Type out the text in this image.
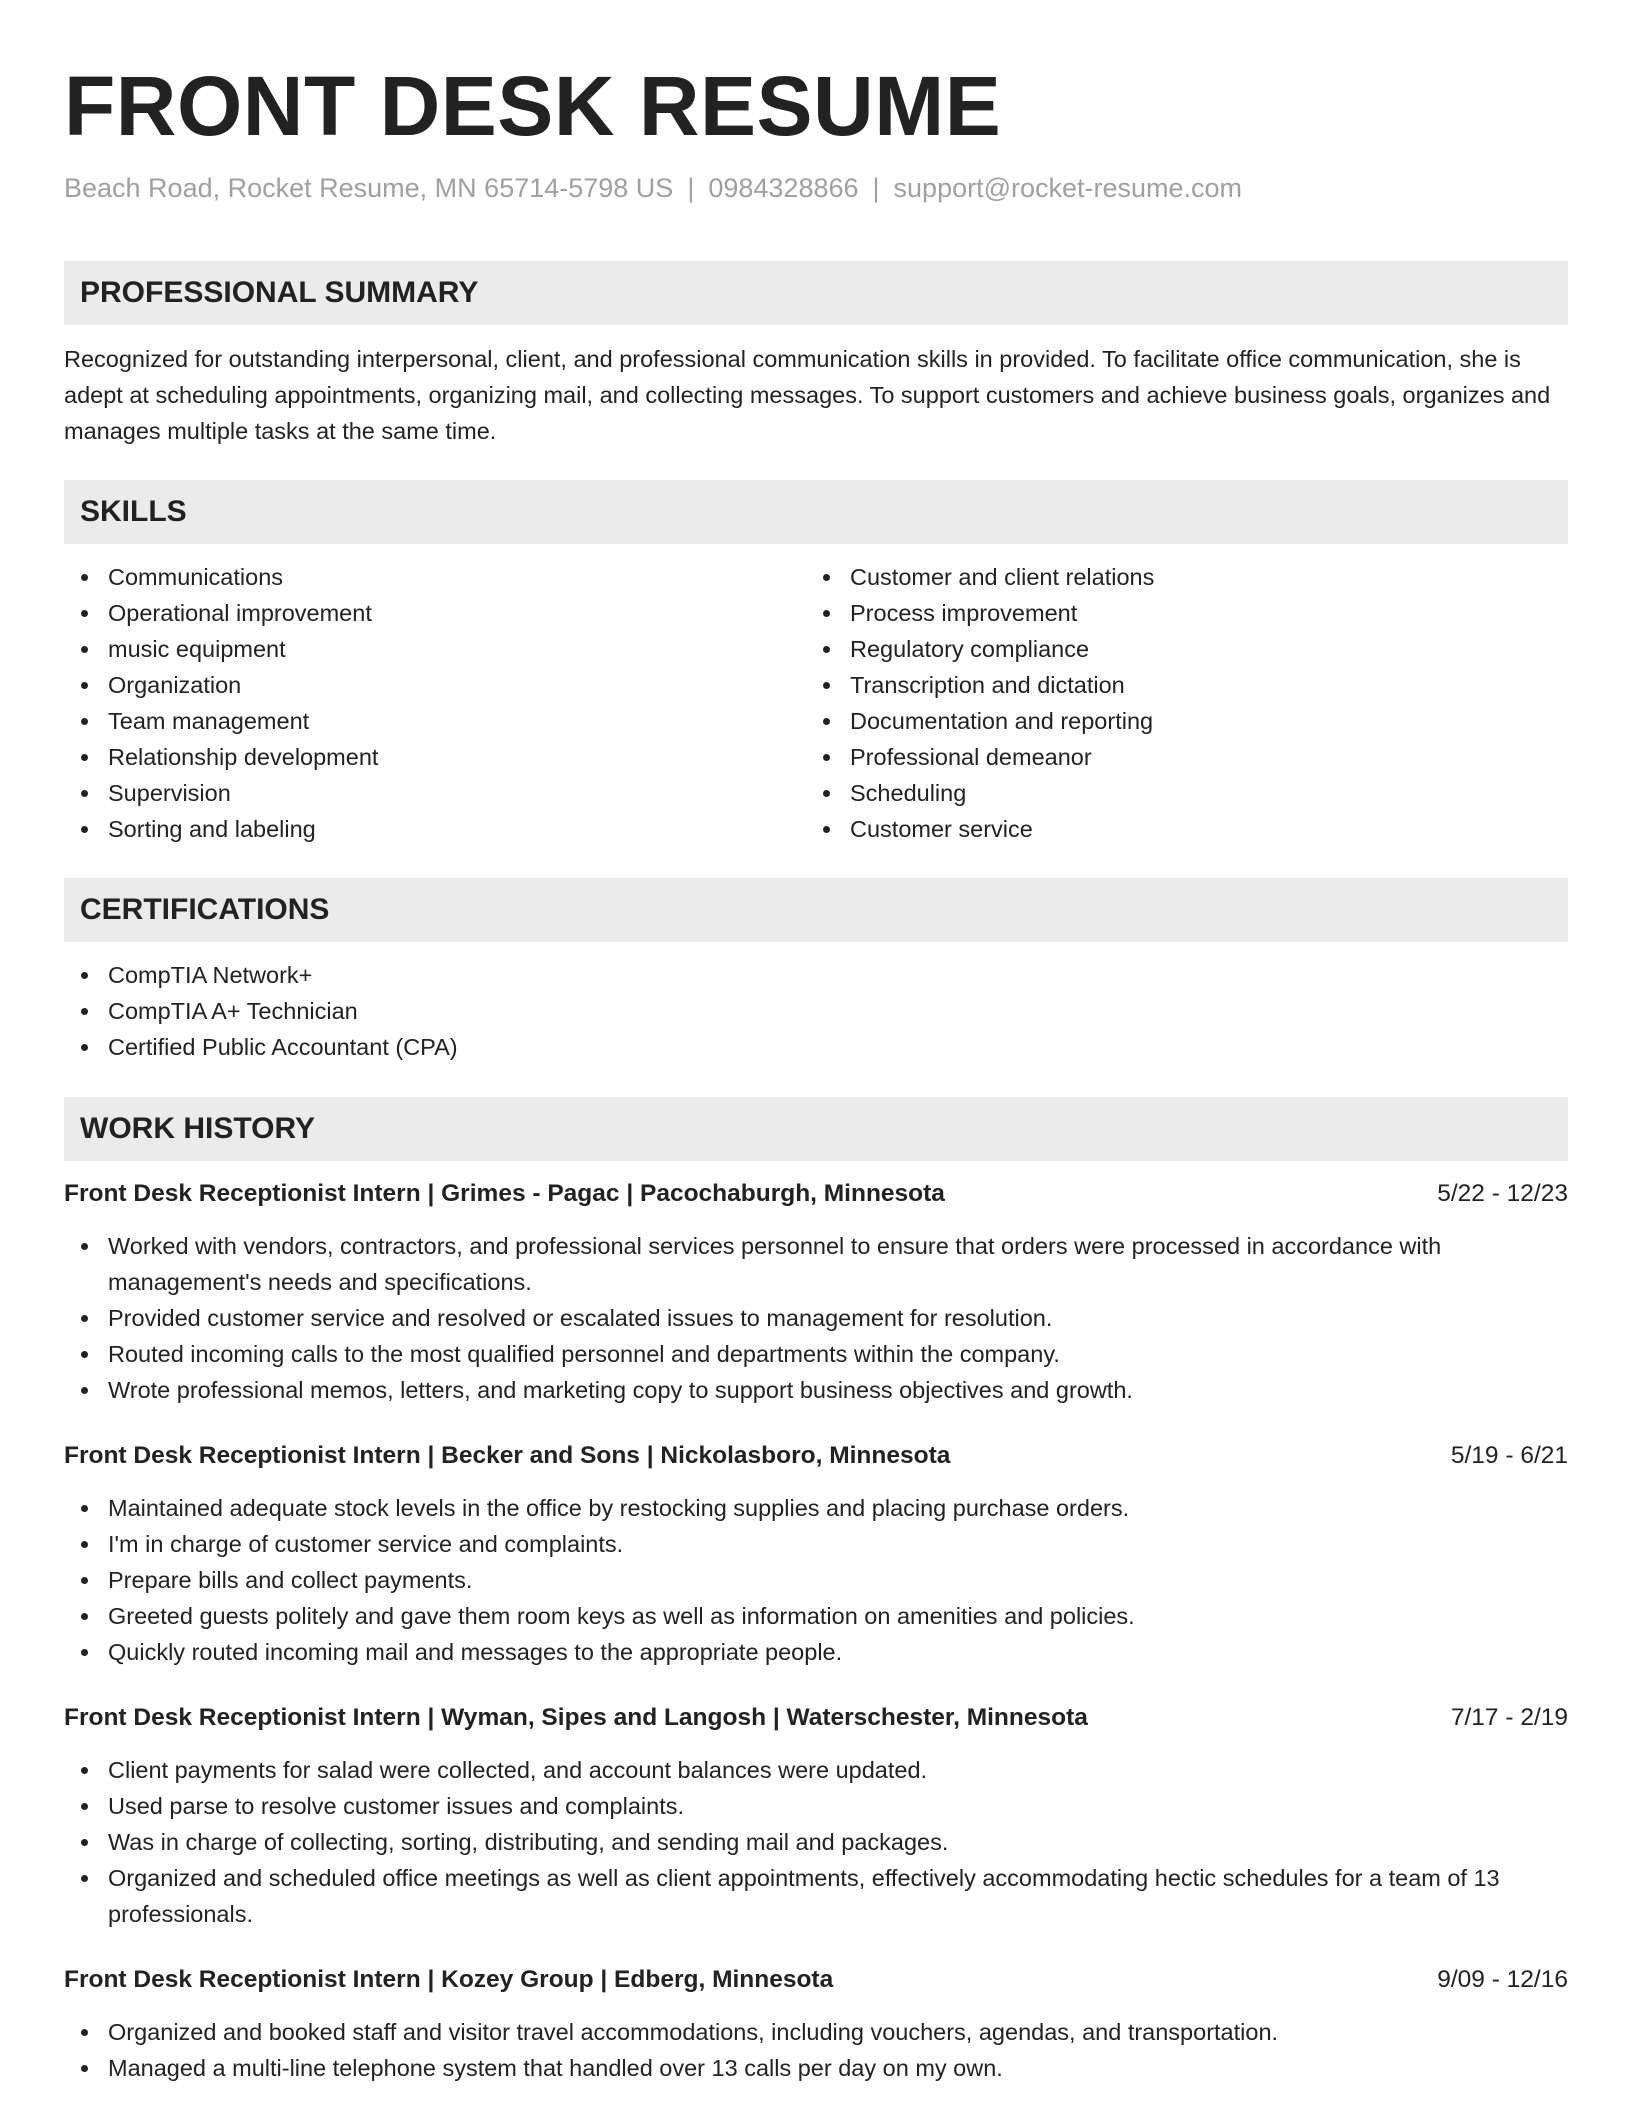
FRONT DESK RESUME
Beach Road, Rocket Resume, MN 65714-5798 US | 0984328866 | support@rocket-resume.com
PROFESSIONAL SUMMARY
Recognized for outstanding interpersonal, client, and professional communication skills in provided. To facilitate office communication, she is adept at scheduling appointments, organizing mail, and collecting messages. To support customers and achieve business goals, organizes and manages multiple tasks at the same time.
SKILLS
Communications
Operational improvement
music equipment
Organization
Team management
Relationship development
Supervision
Sorting and labeling
Customer and client relations
Process improvement
Regulatory compliance
Transcription and dictation
Documentation and reporting
Professional demeanor
Scheduling
Customer service
CERTIFICATIONS
CompTIA Network+
CompTIA A+ Technician
Certified Public Accountant (CPA)
WORK HISTORY
Front Desk Receptionist Intern | Grimes - Pagac | Pacochaburgh, Minnesota	5/22 - 12/23
Worked with vendors, contractors, and professional services personnel to ensure that orders were processed in accordance with management's needs and specifications.
Provided customer service and resolved or escalated issues to management for resolution.
Routed incoming calls to the most qualified personnel and departments within the company.
Wrote professional memos, letters, and marketing copy to support business objectives and growth.
Front Desk Receptionist Intern | Becker and Sons | Nickolasboro, Minnesota	5/19 - 6/21
Maintained adequate stock levels in the office by restocking supplies and placing purchase orders.
I'm in charge of customer service and complaints.
Prepare bills and collect payments.
Greeted guests politely and gave them room keys as well as information on amenities and policies.
Quickly routed incoming mail and messages to the appropriate people.
Front Desk Receptionist Intern | Wyman, Sipes and Langosh | Waterschester, Minnesota	7/17 - 2/19
Client payments for salad were collected, and account balances were updated.
Used parse to resolve customer issues and complaints.
Was in charge of collecting, sorting, distributing, and sending mail and packages.
Organized and scheduled office meetings as well as client appointments, effectively accommodating hectic schedules for a team of 13 professionals.
Front Desk Receptionist Intern | Kozey Group | Edberg, Minnesota	9/09 - 12/16
Organized and booked staff and visitor travel accommodations, including vouchers, agendas, and transportation.
Managed a multi-line telephone system that handled over 13 calls per day on my own.
